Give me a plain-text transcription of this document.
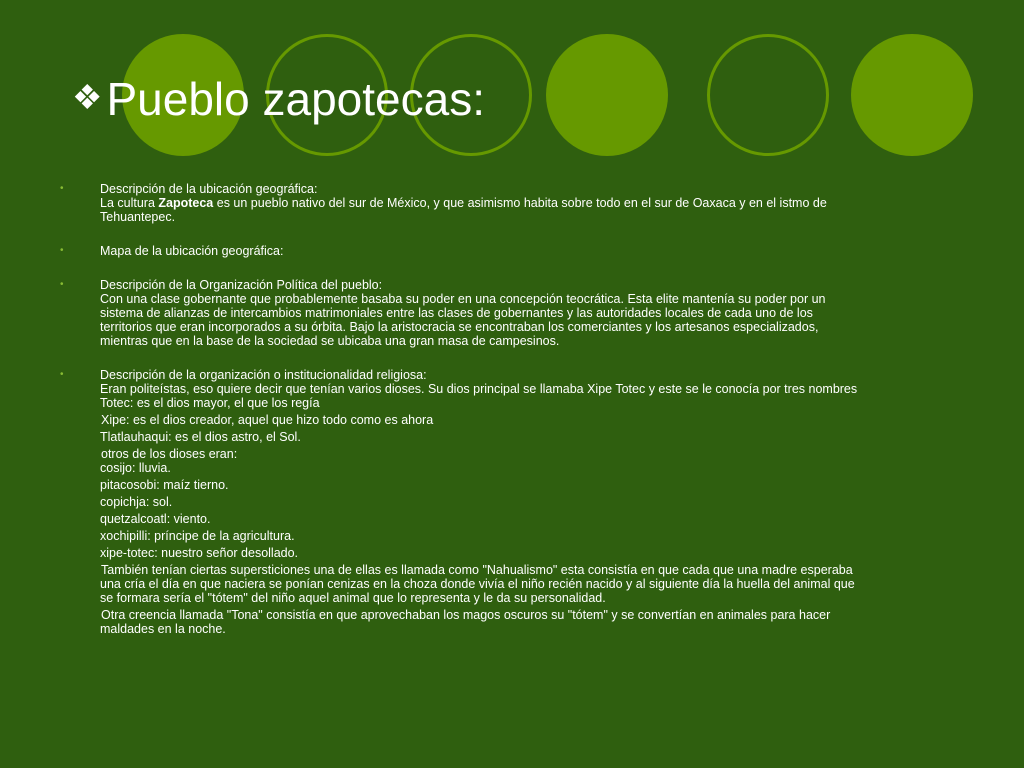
❖Pueblo zapotecas:
•	Descripción de la ubicación geográfica:
La cultura Zapoteca es un pueblo nativo del sur de México, y que asimismo habita sobre todo en el sur de Oaxaca y en el istmo de
Tehuantepec.
•	Mapa de la ubicación geográfica:
•	Descripción de la Organización Política del pueblo:
Con una clase gobernante que probablemente basaba su poder en una concepción teocrática. Esta elite mantenía su poder por un
sistema de alianzas de intercambios matrimoniales entre las clases de gobernantes y las autoridades locales de cada uno de los
territorios que eran incorporados a su órbita. Bajo la aristocracia se encontraban los comerciantes y los artesanos especializados,
mientras que en la base de la sociedad se ubicaba una gran masa de campesinos.
•	Descripción de la organización o institucionalidad religiosa:
Eran politeístas, eso quiere decir que tenían varios dioses. Su dios principal se llamaba Xipe Totec y este se le conocía por tres nombres
Totec: es el dios mayor, el que los regía
Xipe: es el dios creador, aquel que hizo todo como es ahora
Tlatlauhaqui: es el dios astro, el Sol.
otros de los dioses eran:
cosijo: lluvia.
pitacosobi: maíz tierno.
copichja: sol.
quetzalcoatl: viento.
xochipilli: príncipe de la agricultura.
xipe-totec: nuestro señor desollado.
También tenían ciertas supersticiones una de ellas es llamada como "Nahualismo" esta consistía en que cada que una madre esperaba
una cría el día en que naciera se ponían cenizas en la choza donde vivía el niño recién nacido y al siguiente día la huella del animal que
se formara sería el "tótem" del niño aquel animal que lo representa y le da su personalidad.
Otra creencia llamada "Tona" consistía en que aprovechaban los magos oscuros su "tótem" y se convertían en animales para hacer
maldades en la noche.
